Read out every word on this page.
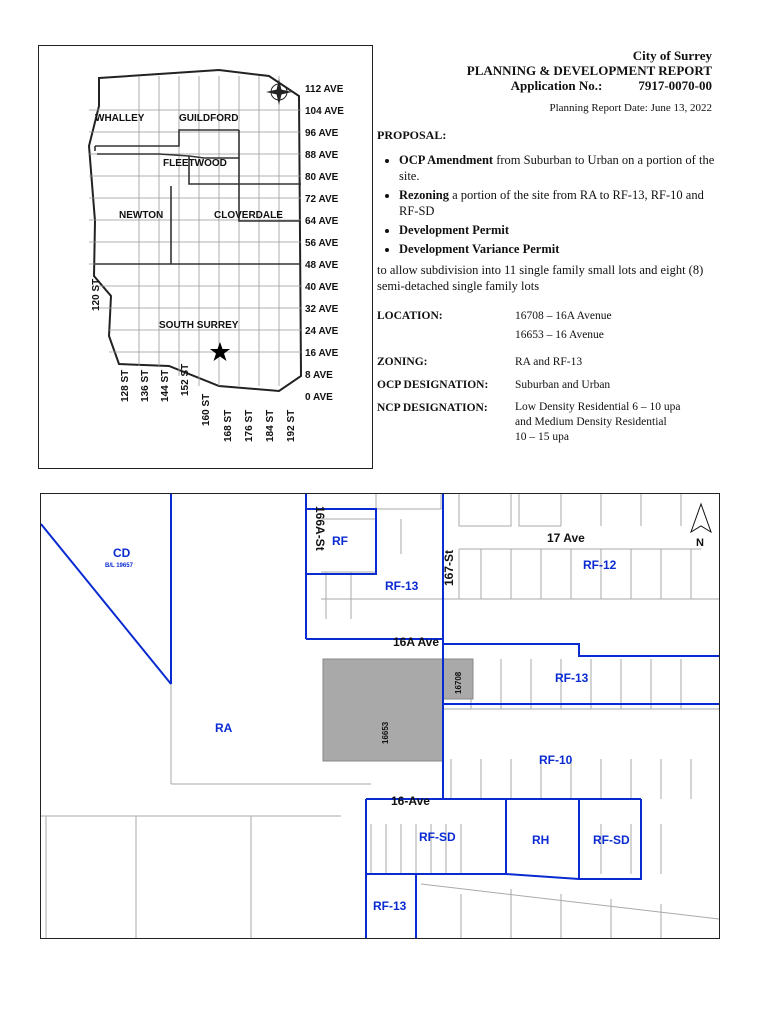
112 AVE
104 AVE
96 AVE
88 AVE
80 AVE
72 AVE
64 AVE
56 AVE
48 AVE
40 AVE
32 AVE
24 AVE
16 AVE
8 AVE
0 AVE
128 ST 136 ST 144 ST 152 ST
160 ST 168 ST 176 ST 184 ST 192 ST
120 ST
WHALLEY	GUILDFORD
FLEETWOOD
NEWTON	CLOVERDALE
SOUTH SURREY
City of Surrey
PLANNING & DEVELOPMENT REPORT
Application No.:	7917-0070-00
Planning Report Date: June 13, 2022
PROPOSAL:
• OCP Amendment from Suburban to Urban on a portion of the site.
• Rezoning a portion of the site from RA to RF-13, RF-10 and RF-SD
• Development Permit
• Development Variance Permit
to allow subdivision into 11 single family small lots and eight (8) semi-detached single family lots
LOCATION:	16708 – 16A Avenue
16653 – 16 Avenue

ZONING:	RA and RF-13

OCP DESIGNATION:	Suburban and Urban

NCP DESIGNATION:	Low Density Residential 6 – 10 upa
and Medium Density Residential
10 – 15 upa
166A-St
167-St
17 Ave
16A Ave
16-Ave
CD
B/L 19657
RF
RF-13
RF-12
RF-13
RA
RF-10
RF-SD	RH	RF-SD
RF-13
16653
16708
N
